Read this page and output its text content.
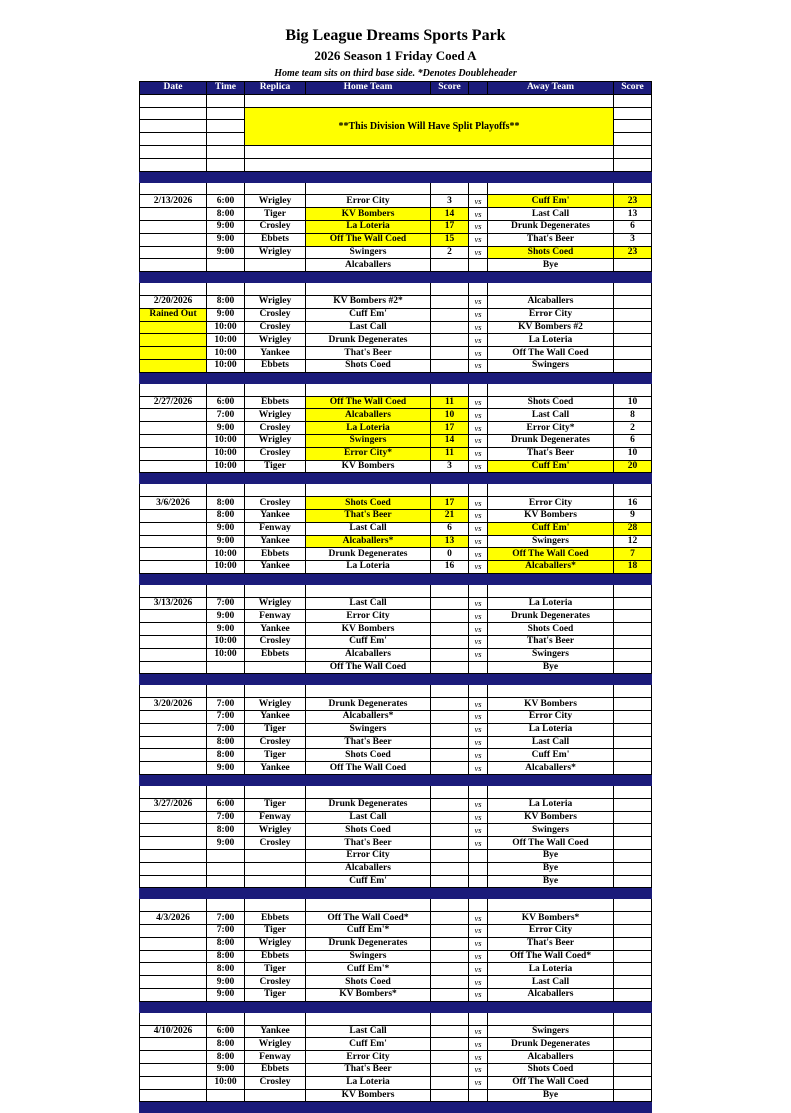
Big League Dreams Sports Park
2026 Season 1 Friday Coed A
Home team sits on third base side. *Denotes Doubleheader
Date	Time	Replica	Home Team	Score		Away Team	Score

		**This Division Will Have Split Playoffs**					

2/13/2026	6:00	Wrigley	Error City	3	vs	Cuff Em'	23
	8:00	Tiger	KV Bombers	14	vs	Last Call	13
	9:00	Crosley	La Loteria	17	vs	Drunk Degenerates	6
	9:00	Ebbets	Off The Wall Coed	15	vs	That's Beer	3
	9:00	Wrigley	Swingers	2	vs	Shots Coed	23
			Alcaballers			Bye	

2/20/2026	8:00	Wrigley	KV Bombers #2*		vs	Alcaballers	
Rained Out	9:00	Crosley	Cuff Em'		vs	Error City	
	10:00	Crosley	Last Call		vs	KV Bombers #2	
	10:00	Wrigley	Drunk Degenerates		vs	La Loteria	
	10:00	Yankee	That's Beer		vs	Off The Wall Coed	
	10:00	Ebbets	Shots Coed		vs	Swingers	

2/27/2026	6:00	Ebbets	Off The Wall Coed	11	vs	Shots Coed	10
	7:00	Wrigley	Alcaballers	10	vs	Last Call	8
	9:00	Crosley	La Loteria	17	vs	Error City*	2
	10:00	Wrigley	Swingers	14	vs	Drunk Degenerates	6
	10:00	Crosley	Error City*	11	vs	That's Beer	10
	10:00	Tiger	KV Bombers	3	vs	Cuff Em'	20

3/6/2026	8:00	Crosley	Shots Coed	17	vs	Error City	16
	8:00	Yankee	That's Beer	21	vs	KV Bombers	9
	9:00	Fenway	Last Call	6	vs	Cuff Em'	28
	9:00	Yankee	Alcaballers*	13	vs	Swingers	12
	10:00	Ebbets	Drunk Degenerates	0	vs	Off The Wall Coed	7
	10:00	Yankee	La Loteria	16	vs	Alcaballers*	18

3/13/2026	7:00	Wrigley	Last Call		vs	La Loteria	
	9:00	Fenway	Error City		vs	Drunk Degenerates	
	9:00	Yankee	KV Bombers		vs	Shots Coed	
	10:00	Crosley	Cuff Em'		vs	That's Beer	
	10:00	Ebbets	Alcaballers		vs	Swingers	
			Off The Wall Coed			Bye	

3/20/2026	7:00	Wrigley	Drunk Degenerates		vs	KV Bombers	
	7:00	Yankee	Alcaballers*		vs	Error City	
	7:00	Tiger	Swingers		vs	La Loteria	
	8:00	Crosley	That's Beer		vs	Last Call	
	8:00	Tiger	Shots Coed		vs	Cuff Em'	
	9:00	Yankee	Off The Wall Coed		vs	Alcaballers*	

3/27/2026	6:00	Tiger	Drunk Degenerates		vs	La Loteria	
	7:00	Fenway	Last Call		vs	KV Bombers	
	8:00	Wrigley	Shots Coed		vs	Swingers	
	9:00	Crosley	That's Beer		vs	Off The Wall Coed	
			Error City			Bye	
			Alcaballers			Bye	
			Cuff Em'			Bye	

4/3/2026	7:00	Ebbets	Off The Wall Coed*		vs	KV Bombers*	
	7:00	Tiger	Cuff Em'*		vs	Error City	
	8:00	Wrigley	Drunk Degenerates		vs	That's Beer	
	8:00	Ebbets	Swingers		vs	Off The Wall Coed*	
	8:00	Tiger	Cuff Em'*		vs	La Loteria	
	9:00	Crosley	Shots Coed		vs	Last Call	
	9:00	Tiger	KV Bombers*		vs	Alcaballers	

4/10/2026	6:00	Yankee	Last Call		vs	Swingers	
	8:00	Wrigley	Cuff Em'		vs	Drunk Degenerates	
	8:00	Fenway	Error City		vs	Alcaballers	
	9:00	Ebbets	That's Beer		vs	Shots Coed	
	10:00	Crosley	La Loteria		vs	Off The Wall Coed	
			KV Bombers			Bye	
